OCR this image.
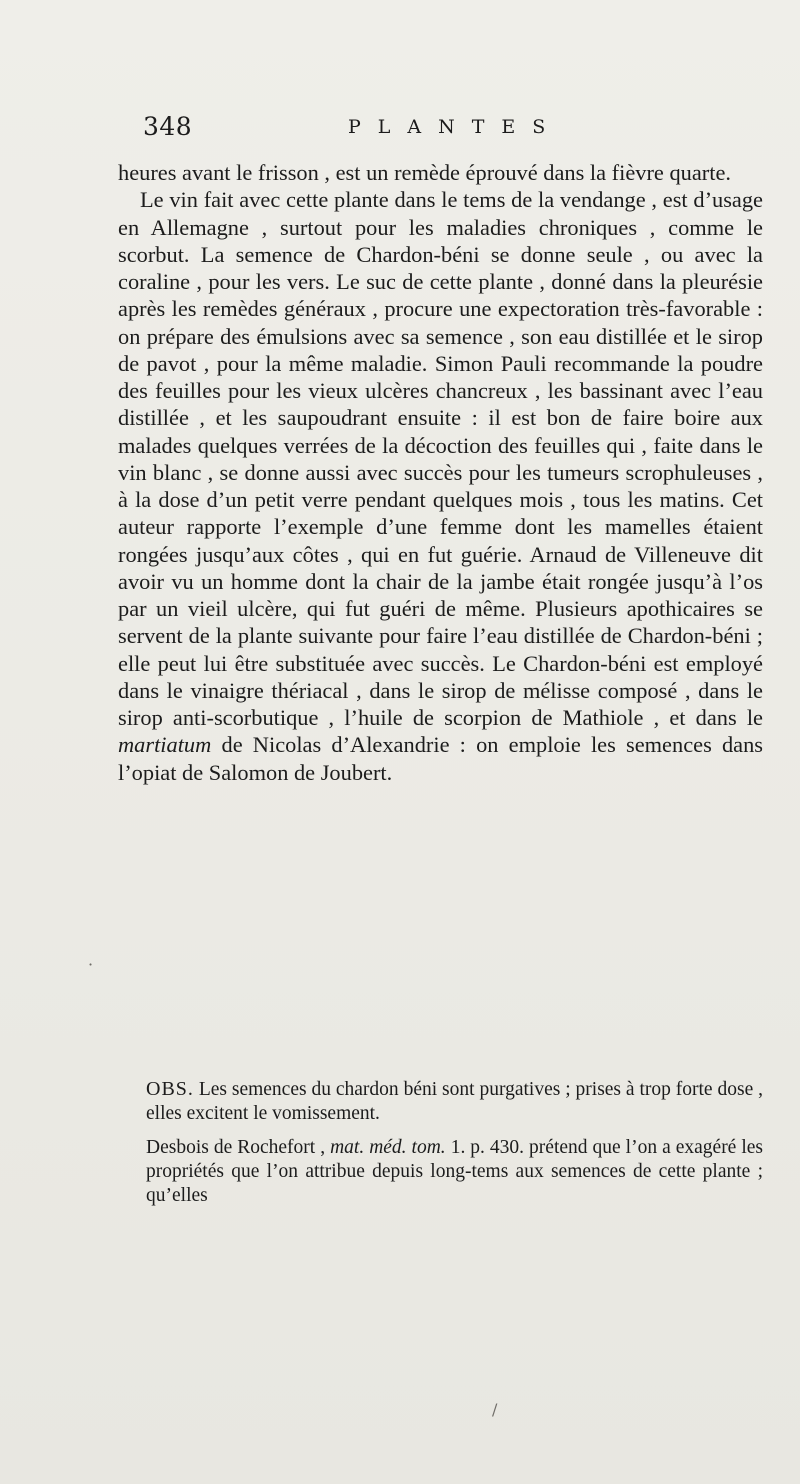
348	PLANTES

heures avant le frisson , est un remède éprouvé dans la fièvre quarte.

Le vin fait avec cette plante dans le tems de la vendange , est d’usage en Allemagne , surtout pour les maladies chroniques , comme le scorbut. La semence de Chardon-béni se donne seule , ou avec la coraline , pour les vers. Le suc de cette plante , donné dans la pleurésie après les remèdes généraux , procure une expectoration très-favorable : on prépare des émulsions avec sa semence , son eau distillée et le sirop de pavot , pour la même maladie. Simon Pauli recommande la poudre des feuilles pour les vieux ulcères chancreux , les bassinant avec l’eau distillée , et les saupoudrant ensuite : il est bon de faire boire aux malades quelques verrées de la décoction des feuilles qui , faite dans le vin blanc , se donne aussi avec succès pour les tumeurs scrophuleuses , à la dose d’un petit verre pendant quelques mois , tous les matins. Cet auteur rapporte l’exemple d’une femme dont les mamelles étaient rongées jusqu’aux côtes , qui en fut guérie. Arnaud de Villeneuve dit avoir vu un homme dont la chair de la jambe était rongée jusqu’à l’os par un vieil ulcère, qui fut guéri de même. Plusieurs apothicaires se servent de la plante suivante pour faire l’eau distillée de Chardon-béni ; elle peut lui être substituée avec succès. Le Chardon-béni est employé dans le vinaigre thériacal , dans le sirop de mélisse composé , dans le sirop anti-scorbutique , l’huile de scorpion de Mathiole , et dans le martiatum de Nicolas d’Alexandrie : on emploie les semences dans l’opiat de Salomon de Joubert.

OBS. Les semences du chardon béni sont purgatives ; prises à trop forte dose , elles excitent le vomissement.

Desbois de Rochefort , mat. méd. tom. 1. p. 430. prétend que l’on a exagéré les propriétés que l’on attribue depuis long-tems aux semences de cette plante ; qu’elles

·
/
